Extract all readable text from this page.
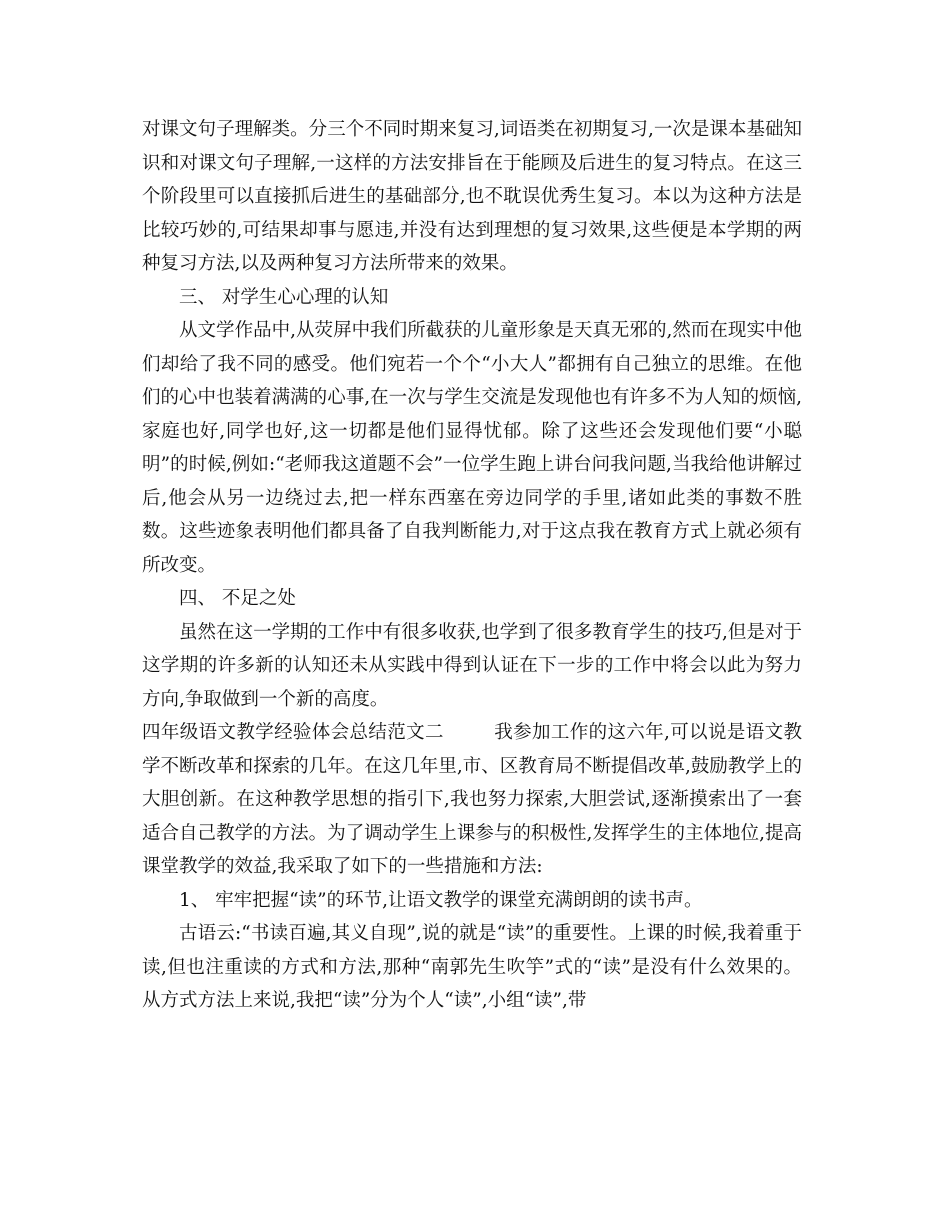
对课文句子理解类。分三个不同时期来复习,词语类在初期复习,一次是课本基础知识和对课文句子理解,一这样的方法安排旨在于能顾及后进生的复习特点。在这三个阶段里可以直接抓后进生的基础部分,也不耽误优秀生复习。本以为这种方法是比较巧妙的,可结果却事与愿违,并没有达到理想的复习效果,这些便是本学期的两种复习方法,以及两种复习方法所带来的效果。

三、 对学生心心理的认知

从文学作品中,从荧屏中我们所截获的儿童形象是天真无邪的,然而在现实中他们却给了我不同的感受。他们宛若一个个“小大人”都拥有自己独立的思维。在他们的心中也装着满满的心事,在一次与学生交流是发现他也有许多不为人知的烦恼,家庭也好,同学也好,这一切都是他们显得忧郁。除了这些还会发现他们要“小聪明”的时候,例如:“老师我这道题不会”一位学生跑上讲台问我问题,当我给他讲解过后,他会从另一边绕过去,把一样东西塞在旁边同学的手里,诸如此类的事数不胜数。这些迹象表明他们都具备了自我判断能力,对于这点我在教育方式上就必须有所改变。

四、 不足之处

虽然在这一学期的工作中有很多收获,也学到了很多教育学生的技巧,但是对于这学期的许多新的认知还未从实践中得到认证在下一步的工作中将会以此为努力方向,争取做到一个新的高度。

四年级语文教学经验体会总结范文二	我参加工作的这六年,可以说是语文教学不断改革和探索的几年。在这几年里,市、区教育局不断提倡改革,鼓励教学上的大胆创新。在这种教学思想的指引下,我也努力探索,大胆尝试,逐渐摸索出了一套适合自己教学的方法。为了调动学生上课参与的积极性,发挥学生的主体地位,提高课堂教学的效益,我采取了如下的一些措施和方法:

1、 牢牢把握“读”的环节,让语文教学的课堂充满朗朗的读书声。

古语云:“书读百遍,其义自现”,说的就是“读”的重要性。上课的时候,我着重于读,但也注重读的方式和方法,那种“南郭先生吹竽”式的“读”是没有什么效果的。从方式方法上来说,我把“读”分为个人“读”,小组“读”,带
